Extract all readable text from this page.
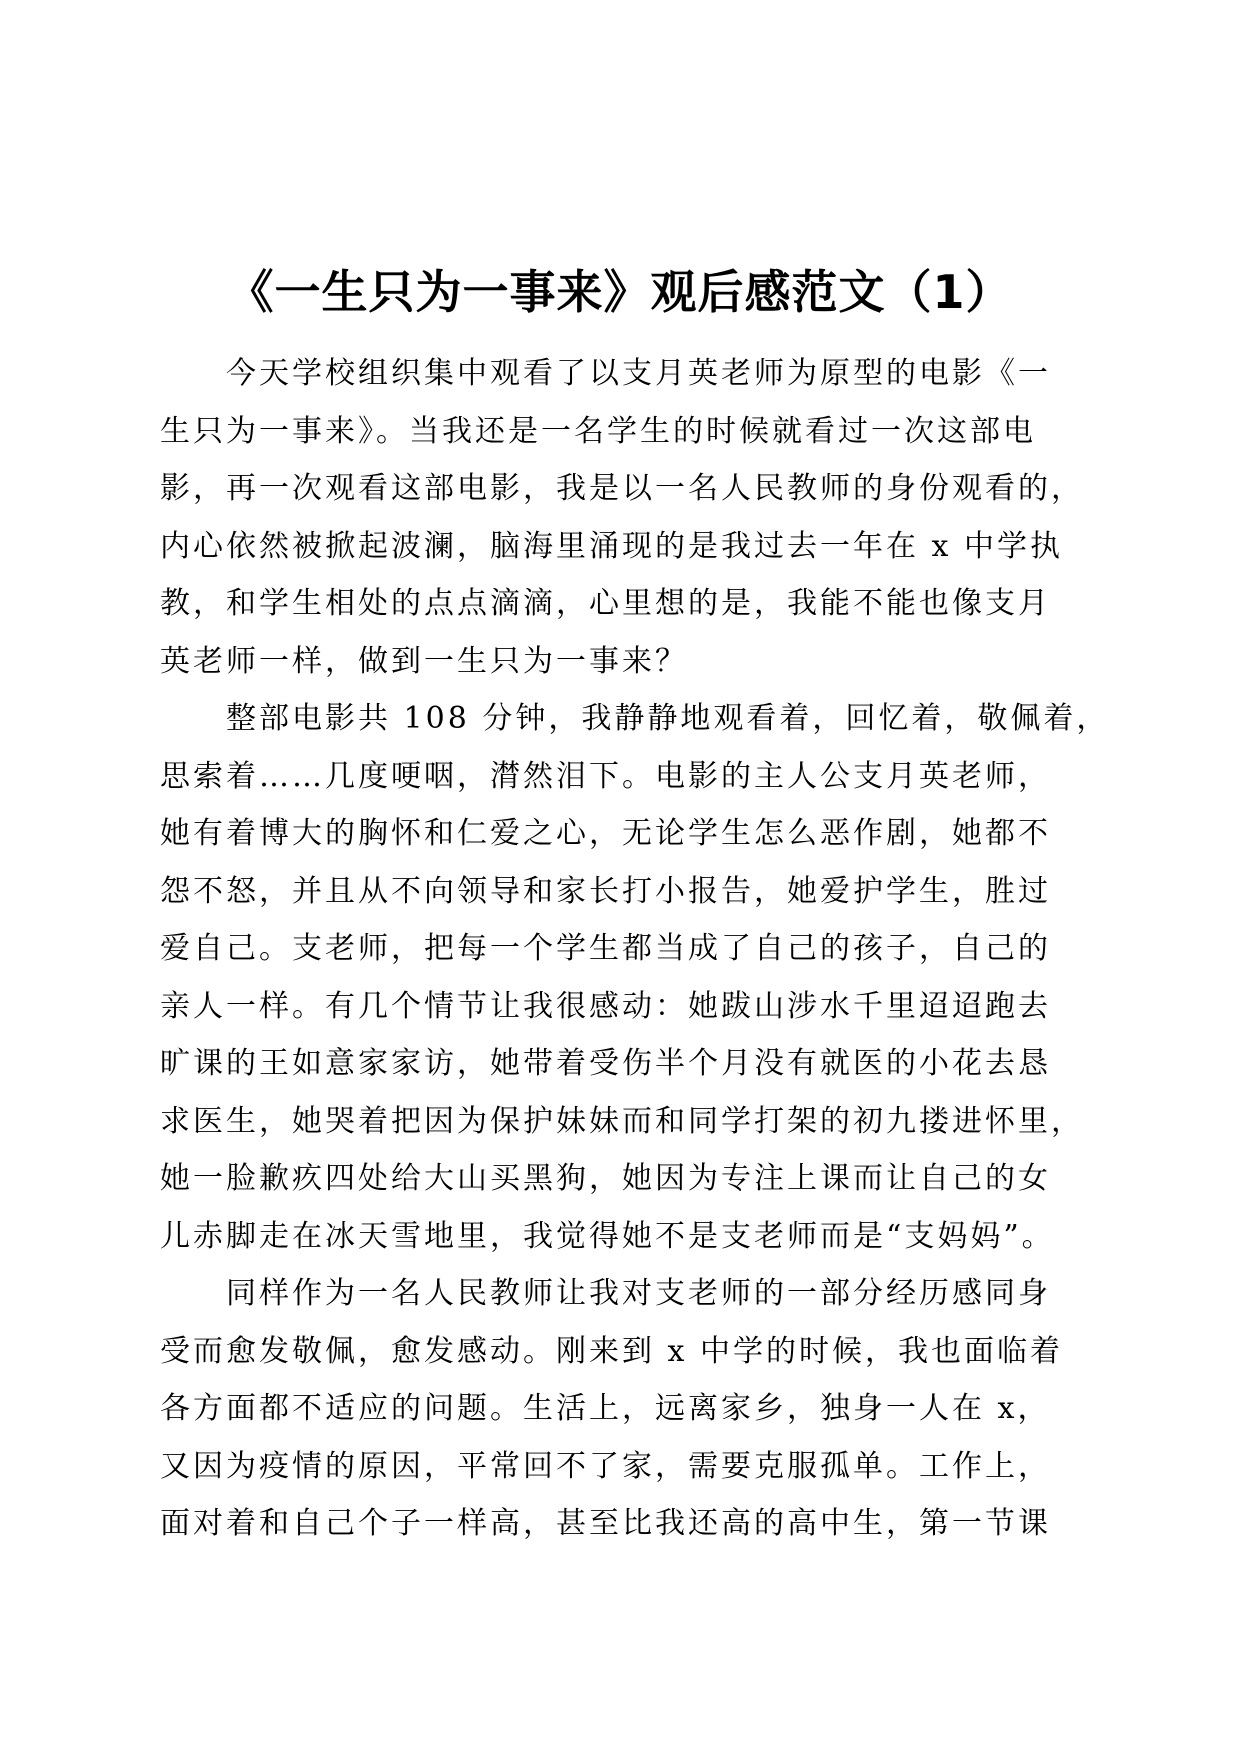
《一生只为一事来》观后感范文（1）
今天学校组织集中观看了以支月英老师为原型的电影《一
生只为一事来》。当我还是一名学生的时候就看过一次这部电
影，再一次观看这部电影，我是以一名人民教师的身份观看的，
内心依然被掀起波澜，脑海里涌现的是我过去一年在 x 中学执
教，和学生相处的点点滴滴，心里想的是，我能不能也像支月
英老师一样，做到一生只为一事来？
整部电影共 108 分钟，我静静地观看着，回忆着，敬佩着，
思索着……几度哽咽，潸然泪下。电影的主人公支月英老师，
她有着博大的胸怀和仁爱之心，无论学生怎么恶作剧，她都不
怨不怒，并且从不向领导和家长打小报告，她爱护学生，胜过
爱自己。支老师，把每一个学生都当成了自己的孩子，自己的
亲人一样。有几个情节让我很感动：她跋山涉水千里迢迢跑去
旷课的王如意家家访，她带着受伤半个月没有就医的小花去恳
求医生，她哭着把因为保护妹妹而和同学打架的初九搂进怀里，
她一脸歉疚四处给大山买黑狗，她因为专注上课而让自己的女
儿赤脚走在冰天雪地里，我觉得她不是支老师而是“支妈妈”。
同样作为一名人民教师让我对支老师的一部分经历感同身
受而愈发敬佩，愈发感动。刚来到 x 中学的时候，我也面临着
各方面都不适应的问题。生活上，远离家乡，独身一人在 x，
又因为疫情的原因，平常回不了家，需要克服孤单。工作上，
面对着和自己个子一样高，甚至比我还高的高中生，第一节课
